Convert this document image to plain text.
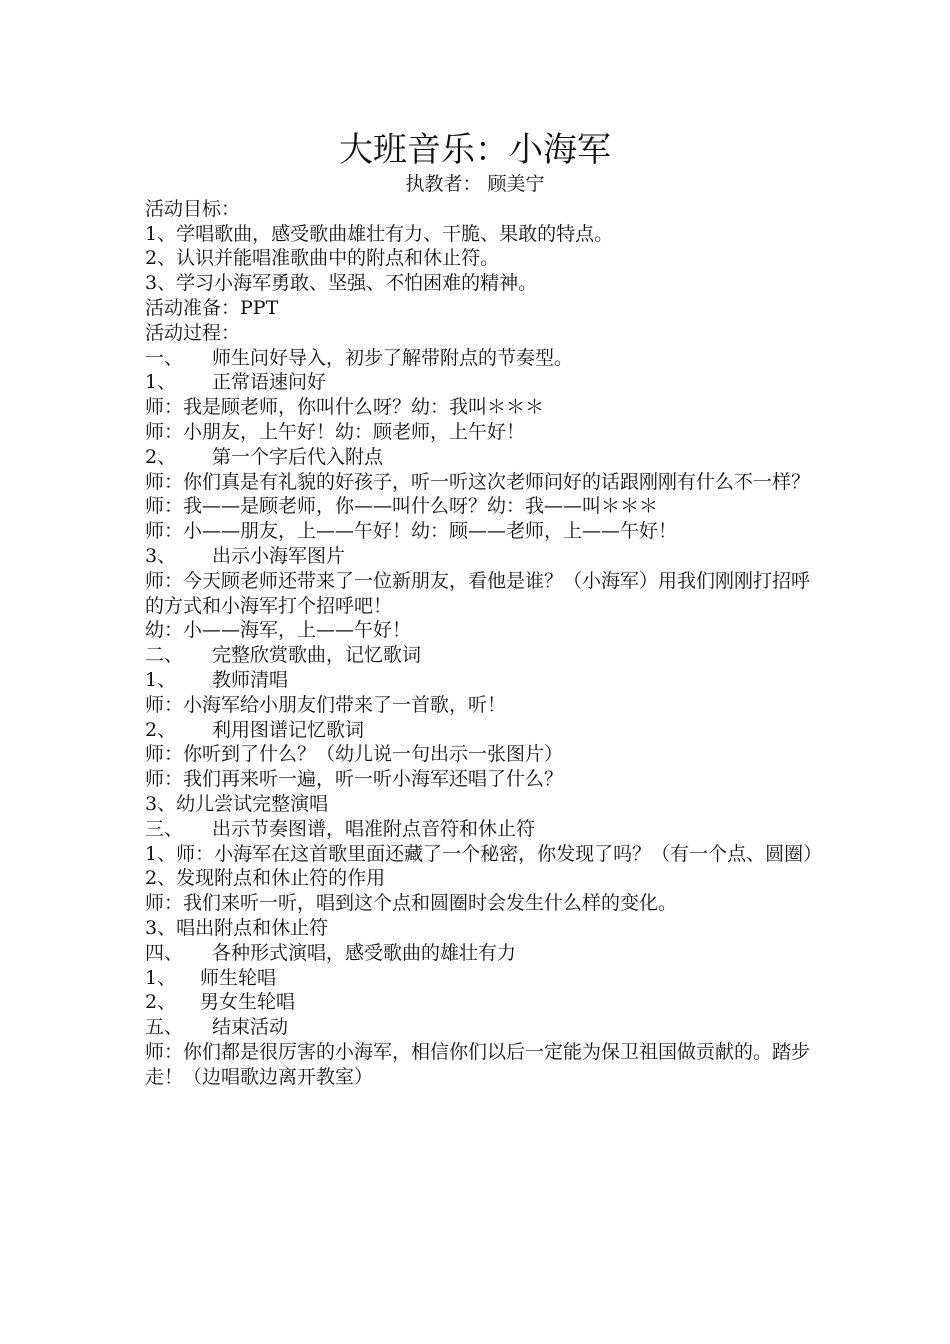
大班音乐：小海军
执教者： 顾美宁
活动目标：
1、学唱歌曲，感受歌曲雄壮有力、干脆、果敢的特点。
2、认识并能唱准歌曲中的附点和休止符。
3、学习小海军勇敢、坚强、不怕困难的精神。
活动准备：PPT
活动过程：
一、 师生问好导入，初步了解带附点的节奏型。
1、 正常语速问好
师：我是顾老师，你叫什么呀？幼：我叫＊＊＊
师：小朋友，上午好！幼：顾老师，上午好！
2、 第一个字后代入附点
师：你们真是有礼貌的好孩子，听一听这次老师问好的话跟刚刚有什么不一样？
师：我——是顾老师，你——叫什么呀？幼：我——叫＊＊＊
师：小——朋友，上——午好！幼：顾——老师，上——午好！
3、 出示小海军图片
师：今天顾老师还带来了一位新朋友，看他是谁？（小海军）用我们刚刚打招呼的方式和小海军打个招呼吧！
幼：小——海军，上——午好！
二、 完整欣赏歌曲，记忆歌词
1、 教师清唱
师：小海军给小朋友们带来了一首歌，听！
2、 利用图谱记忆歌词
师：你听到了什么？（幼儿说一句出示一张图片）
师：我们再来听一遍，听一听小海军还唱了什么？
3、幼儿尝试完整演唱
三、 出示节奏图谱，唱准附点音符和休止符
1、师：小海军在这首歌里面还藏了一个秘密，你发现了吗？（有一个点、圆圈）
2、发现附点和休止符的作用
师：我们来听一听，唱到这个点和圆圈时会发生什么样的变化。
3、唱出附点和休止符
四、 各种形式演唱，感受歌曲的雄壮有力
1、 师生轮唱
2、 男女生轮唱
五、 结束活动
师：你们都是很厉害的小海军，相信你们以后一定能为保卫祖国做贡献的。踏步走！（边唱歌边离开教室）
